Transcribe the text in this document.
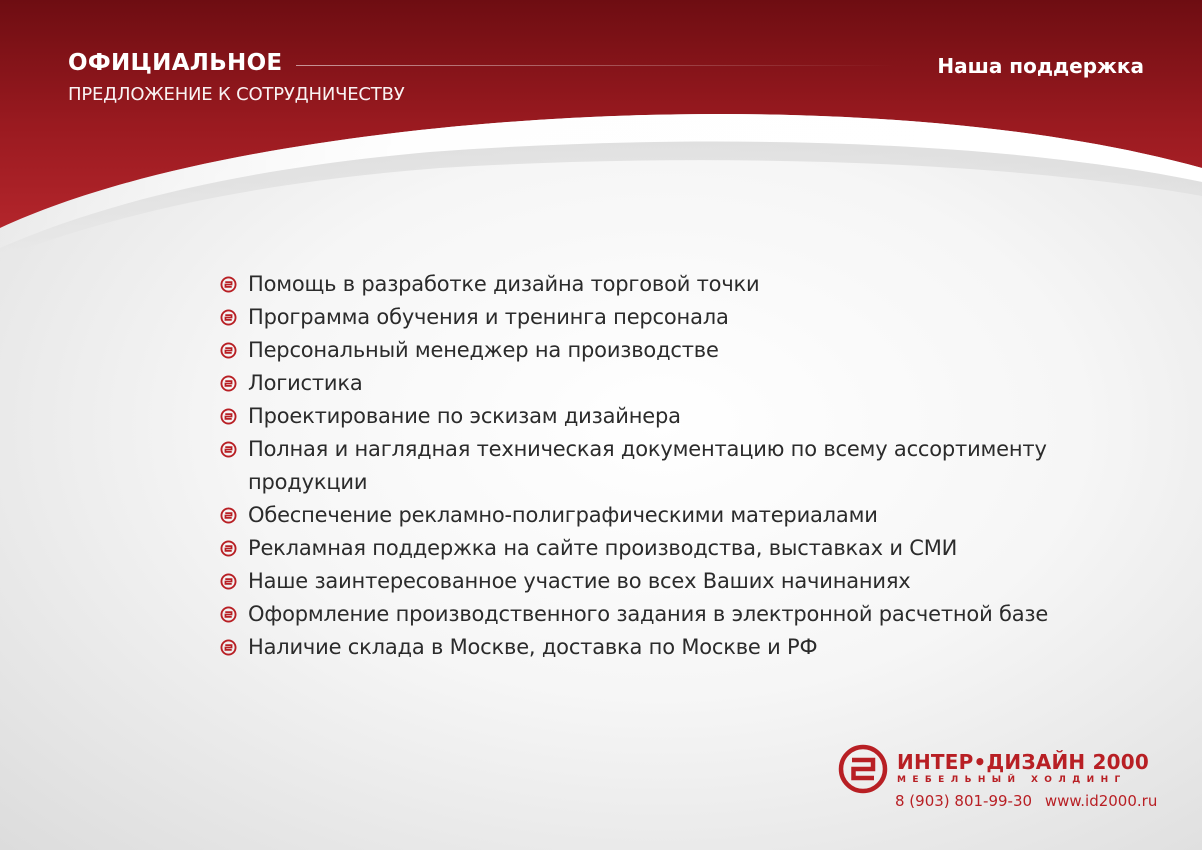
ОФИЦИАЛЬНОЕ
ПРЕДЛОЖЕНИЕ К СОТРУДНИЧЕСТВУ
Наша поддержка
Помощь в разработке дизайна торговой точки
Программа обучения и тренинга персонала
Персональный менеджер на производстве
Логистика
Проектирование по эскизам дизайнера
Полная и наглядная техническая документацию по всему ассортименту продукции
Обеспечение рекламно-полиграфическими материалами
Рекламная поддержка на сайте производства, выставках и СМИ
Наше заинтересованное участие во всех Ваших начинаниях
Оформление производственного задания в электронной расчетной базе
Наличие склада в Москве, доставка по Москве и РФ
ИНТЕР•ДИЗАЙН 2000
МЕБЕЛЬНЫЙ ХОЛДИНГ
8 (903) 801-99-30 www.id2000.ru
